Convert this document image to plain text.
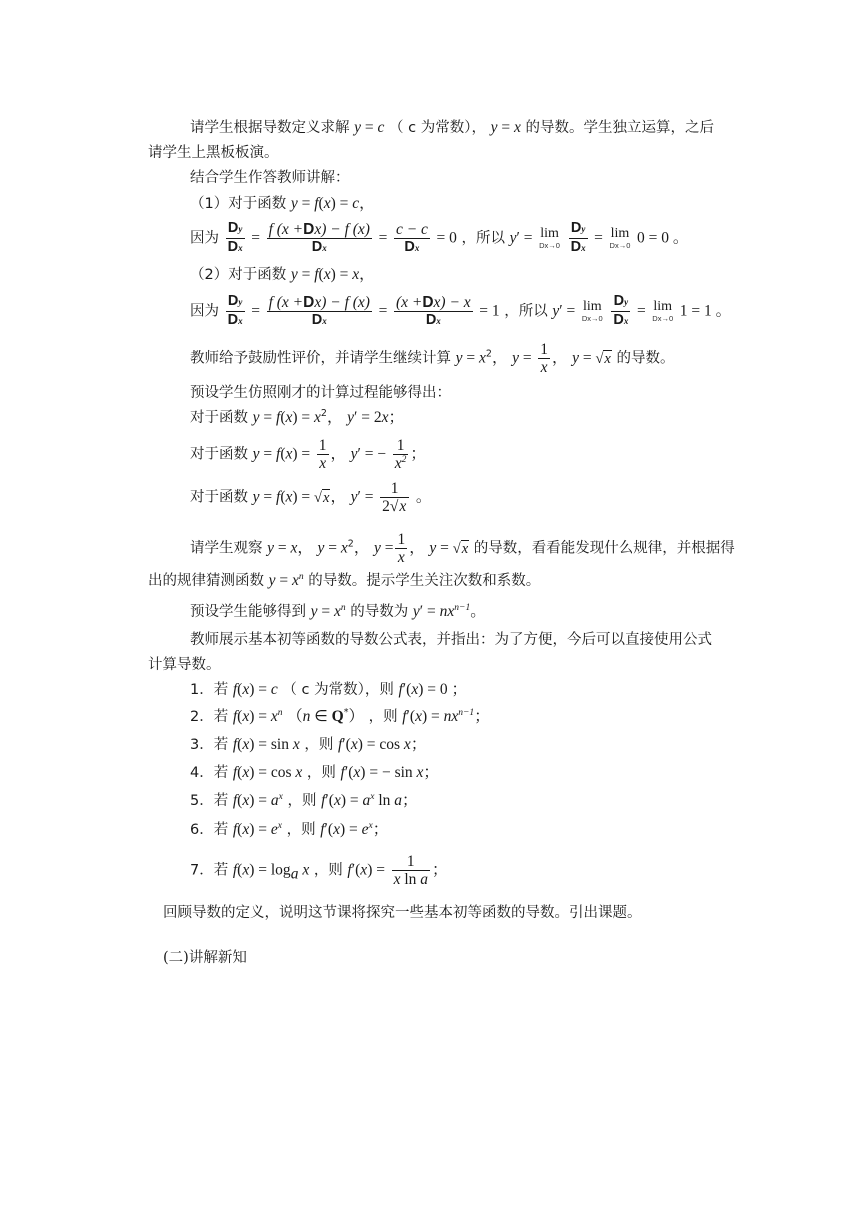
请学生根据导数定义求解 y = c （ c 为常数）， y = x 的导数。学生独立运算，之后
请学生上黑板板演。
结合学生作答教师讲解：
（1）对于函数 y = f(x) = c，
因为 $\frac{Dy}{Dx} = \frac{f (x +Dx) - f (x)}{Dx} = \frac{c - c}{Dx} = 0$ ，所以 y′ = lim
Dx→0
$\frac{Dy}{Dx} = \lim$
Dx→0 0 = 0 。
（2）对于函数 y = f(x) = x，
因为 $\frac{Dy}{Dx} = \frac{f (x +Dx) - f (x)}{Dx} = \frac{(x +Dx) - x}{Dx} = 1$ ，所以 y′ = lim
Dx→0
$\frac{Dy}{Dx} = \lim$
Dx→0 1 = 1 。
教师给予鼓励性评价，并请学生继续计算 $y = x^2$， $y = \frac{1}{x}$ ， y = √x 的导数。
预设学生仿照刚才的计算过程能够得出：
对于函数 $y = f(x) = x^2$， y′ = 2x；
对于函数 $y = f(x) = \frac{1}{x}$ ， y′ = − $\frac{1}{x^2}$ ；
对于函数 y = f(x) = √x， $y' = \frac{1}{2√x}$ 。
请学生观察 y = x， $y = x^2$， $y = \frac{1}{x}$ ， y = √x 的导数，看看能发现什么规律，并根据得
出的规律猜测函数 $y = x^n$ 的导数。提示学生关注次数和系数。
预设学生能够得到 $y = x^n$ 的导数为 $y' = nx^{n-1}$。
教师展示基本初等函数的导数公式表，并指出：为了方便，今后可以直接使用公式
计算导数。
1．若 f(x) = c （ c 为常数），则 f′(x) = 0 ；
2．若 $f(x) = x^n$ （n ∈ Q*） ，则 $f'(x) = nx^{n-1}$；
3．若 f(x) = sin x ，则 f′(x) = cos x；
4．若 f(x) = cos x ，则 f′(x) = − sin x；
5．若 $f(x) = a^x$ ，则 $f'(x) = a^x$ ln a；
6．若 $f(x) = e^x$ ，则 $f'(x) = e^x$；
7．若 $f(x) = \log_a x$ ，则 $f'(x) = \frac{1}{\text{x ln a}}$ ；
回顾导数的定义，说明这节课将探究一些基本初等函数的导数。引出课题。
(二)讲解新知
